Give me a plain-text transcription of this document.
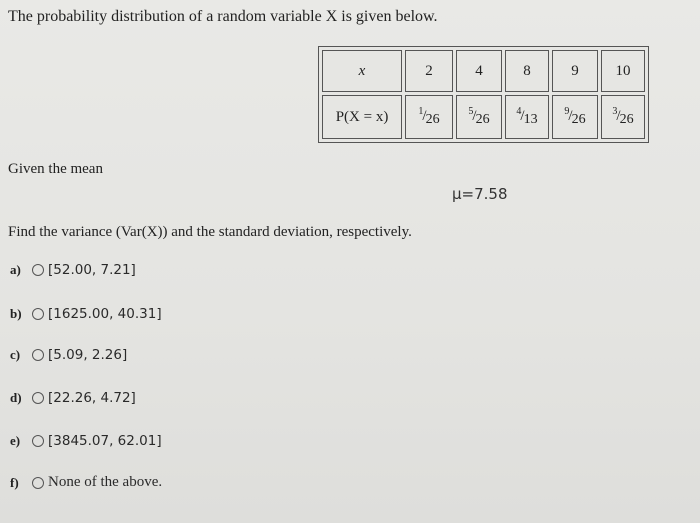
The probability distribution of a random variable X is given below.
x	2	4	8	9	10
P(X = x)	$^1/_{26}$	$^5/_{26}$	$^4/_{13}$	$^9/_{26}$	$^3/_{26}$
Given the mean
μ=7.58
Find the variance (Var(X)) and the standard deviation, respectively.
a)	[52.00, 7.21]
b)	[1625.00, 40.31]
c)	[5.09, 2.26]
d)	[22.26, 4.72]
e)	[3845.07, 62.01]
f)	None of the above.
